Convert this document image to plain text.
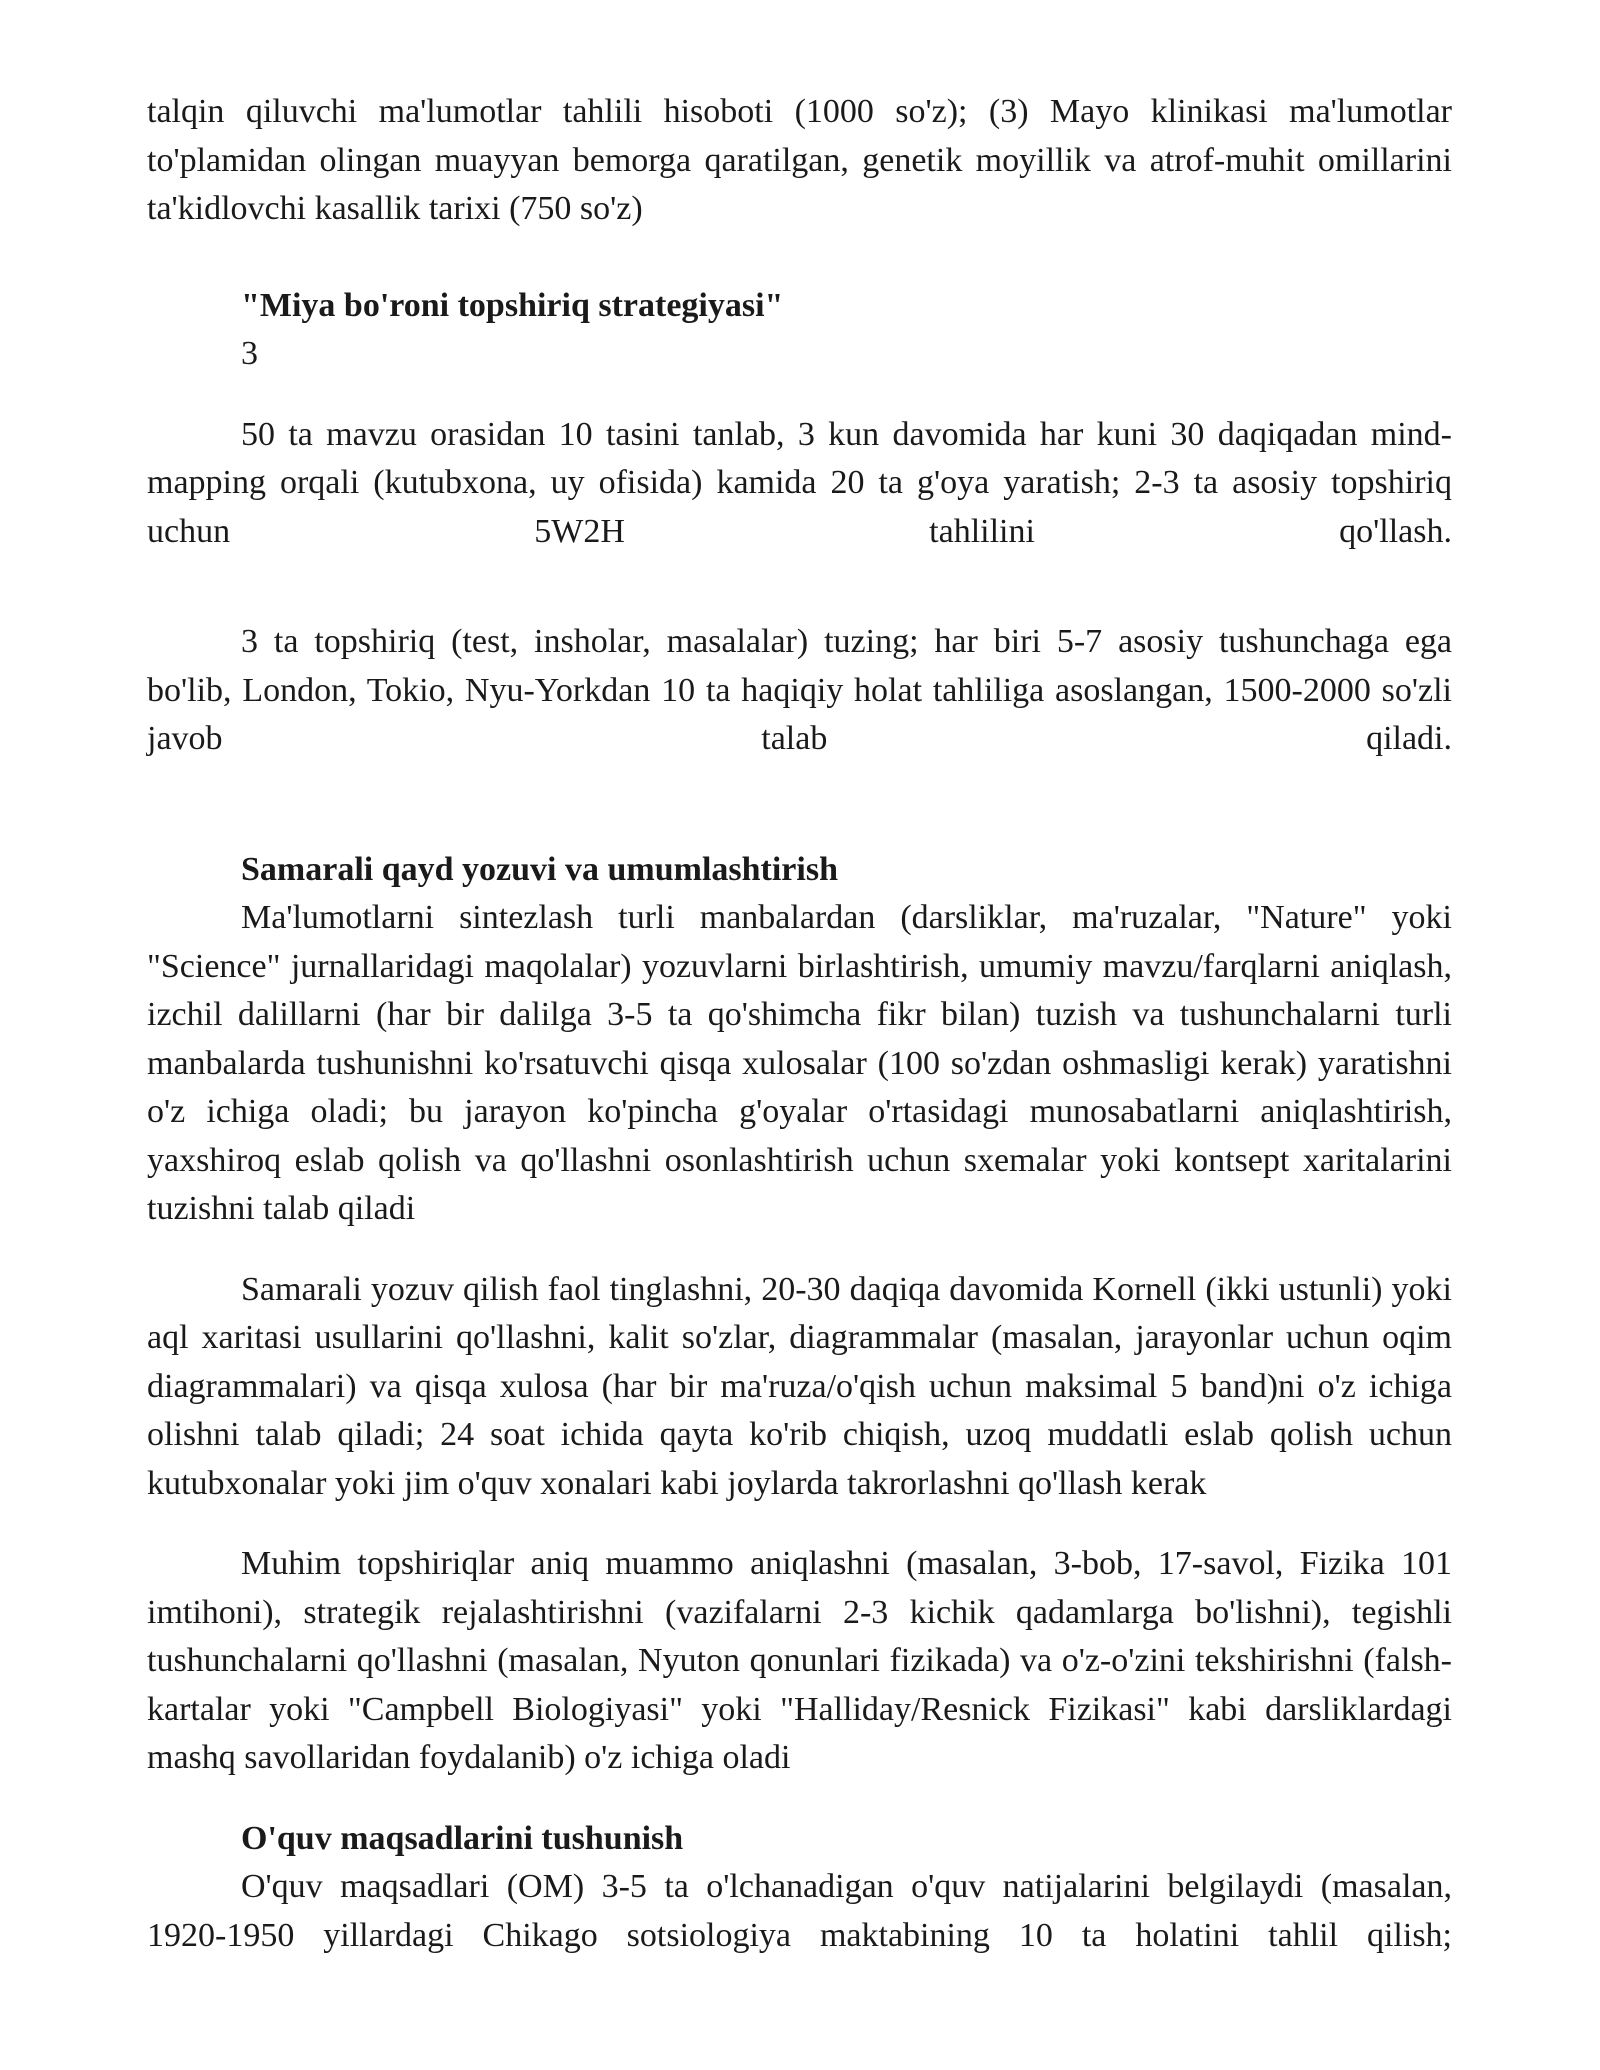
talqin qiluvchi ma'lumotlar tahlili hisoboti (1000 so'z); (3) Mayo klinikasi ma'lumotlar to'plamidan olingan muayyan bemorga qaratilgan, genetik moyillik va atrof-muhit omillarini ta'kidlovchi kasallik tarixi (750 so'z)

"Miya bo'roni topshiriq strategiyasi"

3

50 ta mavzu orasidan 10 tasini tanlab, 3 kun davomida har kuni 30 daqiqadan mind-mapping orqali (kutubxona, uy ofisida) kamida 20 ta g'oya yaratish; 2-3 ta asosiy topshiriq uchun 5W2H tahlilini qo'llash.

3 ta topshiriq (test, insholar, masalalar) tuzing; har biri 5-7 asosiy tushunchaga ega bo'lib, London, Tokio, Nyu-Yorkdan 10 ta haqiqiy holat tahliliga asoslangan, 1500-2000 so'zli javob talab qiladi.

Samarali qayd yozuvi va umumlashtirish

Ma'lumotlarni sintezlash turli manbalardan (darsliklar, ma'ruzalar, "Nature" yoki "Science" jurnallaridagi maqolalar) yozuvlarni birlashtirish, umumiy mavzu/farqlarni aniqlash, izchil dalillarni (har bir dalilga 3-5 ta qo'shimcha fikr bilan) tuzish va tushunchalarni turli manbalarda tushunishni ko'rsatuvchi qisqa xulosalar (100 so'zdan oshmasligi kerak) yaratishni o'z ichiga oladi; bu jarayon ko'pincha g'oyalar o'rtasidagi munosabatlarni aniqlashtirish, yaxshiroq eslab qolish va qo'llashni osonlashtirish uchun sxemalar yoki kontsept xaritalarini tuzishni talab qiladi

Samarali yozuv qilish faol tinglashni, 20-30 daqiqa davomida Kornell (ikki ustunli) yoki aql xaritasi usullarini qo'llashni, kalit so'zlar, diagrammalar (masalan, jarayonlar uchun oqim diagrammalari) va qisqa xulosa (har bir ma'ruza/o'qish uchun maksimal 5 band)ni o'z ichiga olishni talab qiladi; 24 soat ichida qayta ko'rib chiqish, uzoq muddatli eslab qolish uchun kutubxonalar yoki jim o'quv xonalari kabi joylarda takrorlashni qo'llash kerak

Muhim topshiriqlar aniq muammo aniqlashni (masalan, 3-bob, 17-savol, Fizika 101 imtihoni), strategik rejalashtirishni (vazifalarni 2-3 kichik qadamlarga bo'lishni), tegishli tushunchalarni qo'llashni (masalan, Nyuton qonunlari fizikada) va o'z-o'zini tekshirishni (falsh-kartalar yoki "Campbell Biologiyasi" yoki "Halliday/Resnick Fizikasi" kabi darsliklardagi mashq savollaridan foydalanib) o'z ichiga oladi

O'quv maqsadlarini tushunish

O'quv maqsadlari (OM) 3-5 ta o'lchanadigan o'quv natijalarini belgilaydi (masalan, 1920-1950 yillardagi Chikago sotsiologiya maktabining 10 ta holatini tahlil qilish;
